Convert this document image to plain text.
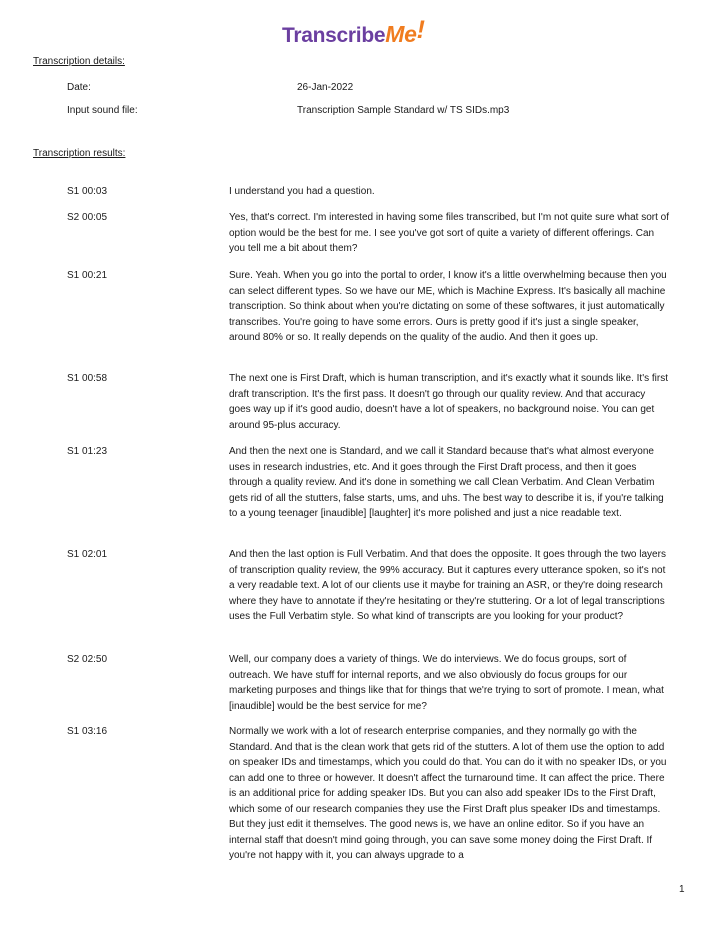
TranscribeMe!
Transcription details:
Date:	26-Jan-2022
Input sound file:	Transcription Sample Standard w/ TS SIDs.mp3
Transcription results:
S1 00:03	I understand you had a question.
S2 00:05	Yes, that's correct. I'm interested in having some files transcribed, but I'm not quite sure what sort of option would be the best for me. I see you've got sort of quite a variety of different offerings. Can you tell me a bit about them?
S1 00:21	Sure. Yeah. When you go into the portal to order, I know it's a little overwhelming because then you can select different types. So we have our ME, which is Machine Express. It's basically all machine transcription. So think about when you're dictating on some of these softwares, it just automatically transcribes. You're going to have some errors. Ours is pretty good if it's just a single speaker, around 80% or so. It really depends on the quality of the audio. And then it goes up.
S1 00:58	The next one is First Draft, which is human transcription, and it's exactly what it sounds like. It's first draft transcription. It's the first pass. It doesn't go through our quality review. And that accuracy goes way up if it's good audio, doesn't have a lot of speakers, no background noise. You can get around 95-plus accuracy.
S1 01:23	And then the next one is Standard, and we call it Standard because that's what almost everyone uses in research industries, etc. And it goes through the First Draft process, and then it goes through a quality review. And it's done in something we call Clean Verbatim. And Clean Verbatim gets rid of all the stutters, false starts, ums, and uhs. The best way to describe it is, if you're talking to a young teenager [inaudible] [laughter] it's more polished and just a nice readable text.
S1 02:01	And then the last option is Full Verbatim. And that does the opposite. It goes through the two layers of transcription quality review, the 99% accuracy. But it captures every utterance spoken, so it's not a very readable text. A lot of our clients use it maybe for training an ASR, or they're doing research where they have to annotate if they're hesitating or they're stuttering. Or a lot of legal transcriptions uses the Full Verbatim style. So what kind of transcripts are you looking for your product?
S2 02:50	Well, our company does a variety of things. We do interviews. We do focus groups, sort of outreach. We have stuff for internal reports, and we also obviously do focus groups for our marketing purposes and things like that for things that we're trying to sort of promote. I mean, what [inaudible] would be the best service for me?
S1 03:16	Normally we work with a lot of research enterprise companies, and they normally go with the Standard. And that is the clean work that gets rid of the stutters. A lot of them use the option to add on speaker IDs and timestamps, which you could do that. You can do it with no speaker IDs, or you can add one to three or however. It doesn't affect the turnaround time. It can affect the price. There is an additional price for adding speaker IDs. But you can also add speaker IDs to the First Draft, which some of our research companies they use the First Draft plus speaker IDs and timestamps. But they just edit it themselves. The good news is, we have an online editor. So if you have an internal staff that doesn't mind going through, you can save some money doing the First Draft. If you're not happy with it, you can always upgrade to a
1
